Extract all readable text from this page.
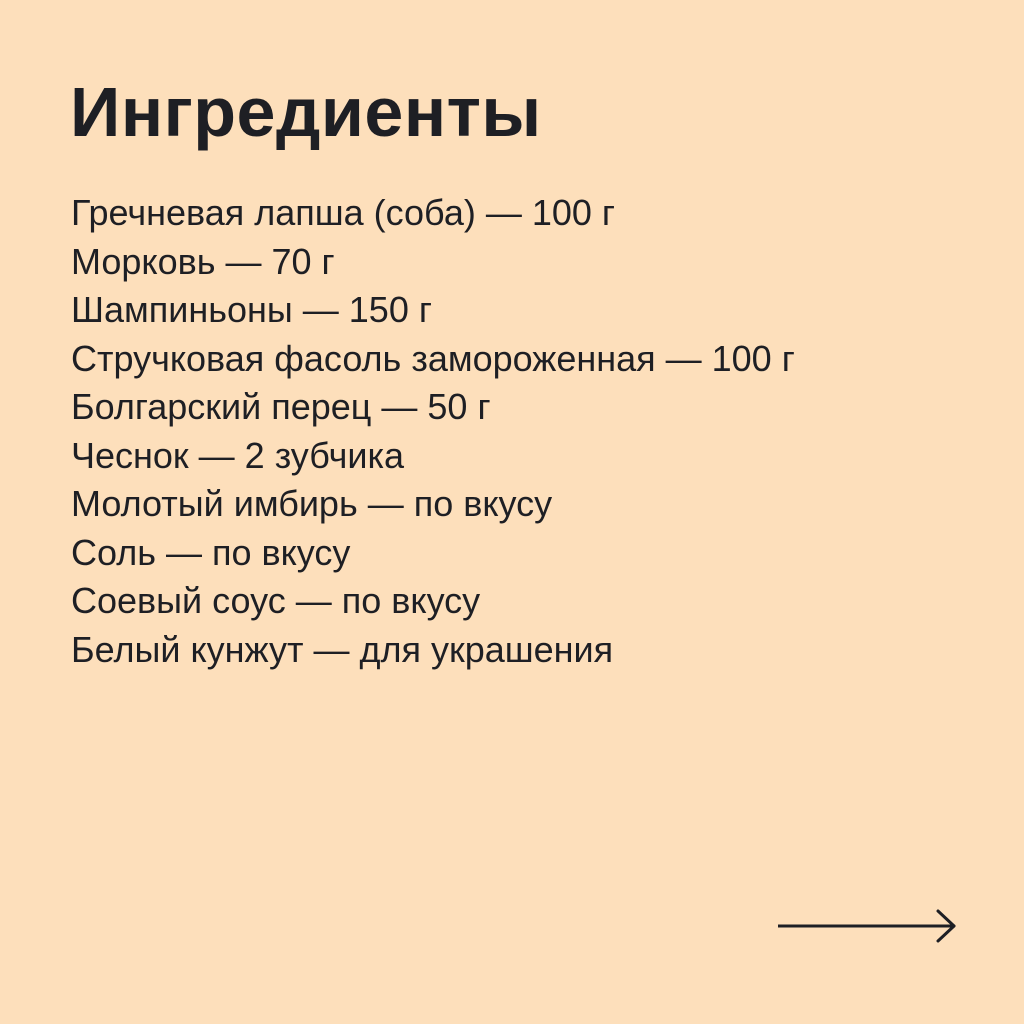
Ингредиенты
Гречневая лапша (соба) — 100 г
Морковь — 70 г
Шампиньоны — 150 г
Стручковая фасоль замороженная — 100 г
Болгарский перец — 50 г
Чеснок — 2 зубчика
Молотый имбирь — по вкусу
Соль — по вкусу
Соевый соус — по вкусу
Белый кунжут — для украшения
